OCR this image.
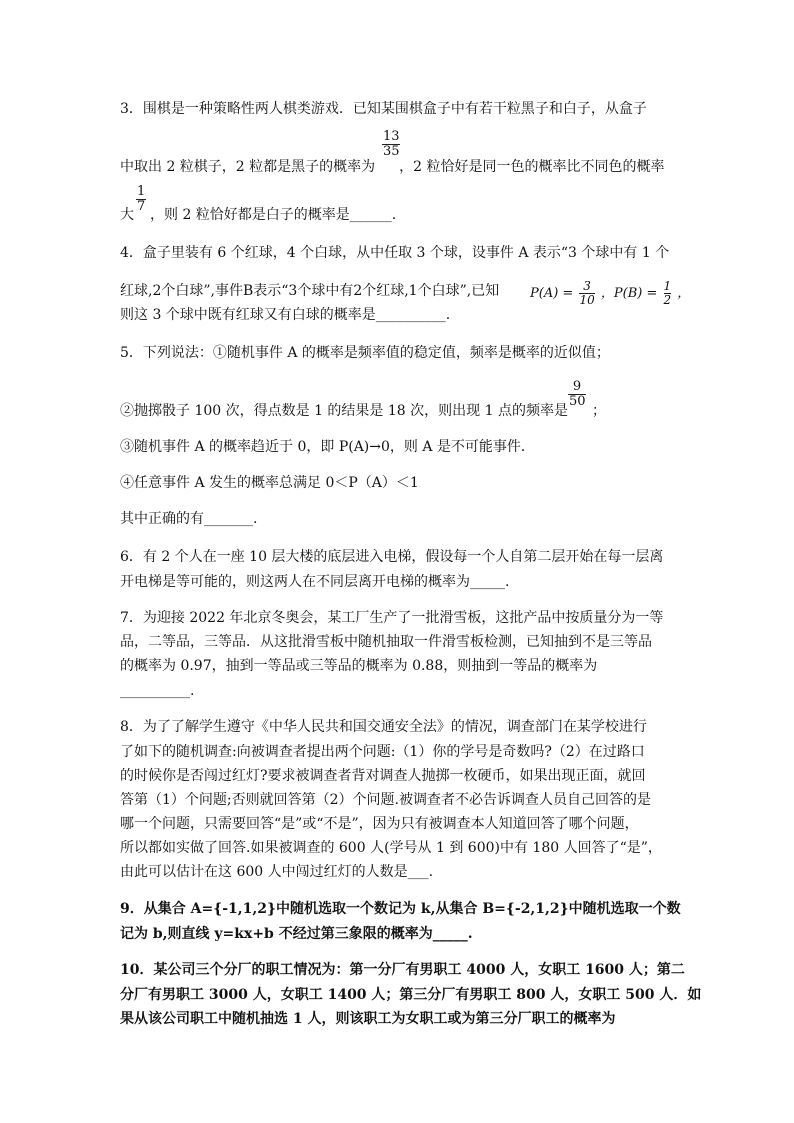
3．围棋是一种策略性两人棋类游戏．已知某围棋盒子中有若干粒黑子和白子，从盒子
13
35
中取出 2 粒棋子，2 粒都是黑子的概率为 ，2 粒恰好是同一色的概率比不同色的概率
1
7
大 ，则 2 粒恰好都是白子的概率是______.
4．盒子里装有 6 个红球，4 个白球，从中任取 3 个球，设事件 A 表示“3 个球中有 1 个
红球,2个白球”,事件B表示“3个球中有2个红球,1个白球”,已知 $P(A) = \frac{3}{10}$ ，$P(B) = \frac{1}{2}$ ，
则这 3 个球中既有红球又有白球的概率是__________.
5．下列说法：①随机事件 A 的概率是频率值的稳定值，频率是概率的近似值；
9
50
②抛掷骰子 100 次，得点数是 1 的结果是 18 次，则出现 1 点的频率是 ；
③随机事件 A 的概率趋近于 0，即 P(A)→0，则 A 是不可能事件．
④任意事件 A 发生的概率总满足 0＜P（A）＜1
其中正确的有_______.
6．有 2 个人在一座 10 层大楼的底层进入电梯，假设每一个人自第二层开始在每一层离
开电梯是等可能的，则这两人在不同层离开电梯的概率为_____.
7．为迎接 2022 年北京冬奥会，某工厂生产了一批滑雪板，这批产品中按质量分为一等
品，二等品，三等品．从这批滑雪板中随机抽取一件滑雪板检测，已知抽到不是三等品
的概率为 0.97，抽到一等品或三等品的概率为 0.88，则抽到一等品的概率为
__________.
8．为了了解学生遵守《中华人民共和国交通安全法》的情况，调查部门在某学校进行
了如下的随机调查:向被调查者提出两个问题:（1）你的学号是奇数吗?（2）在过路口
的时候你是否闯过红灯?要求被调查者背对调查人抛掷一枚硬币，如果出现正面，就回
答第（1）个问题;否则就回答第（2）个问题.被调查者不必告诉调查人员自己回答的是
哪一个问题，只需要回答“是”或“不是”，因为只有被调查本人知道回答了哪个问题，
所以都如实做了回答.如果被调查的 600 人(学号从 1 到 600)中有 180 人回答了“是”，
由此可以估计在这 600 人中闯过红灯的人数是___.
9．从集合 A={-1,1,2}中随机选取一个数记为 k,从集合 B={-2,1,2}中随机选取一个数
记为 b,则直线 y=kx+b 不经过第三象限的概率为_____.
10．某公司三个分厂的职工情况为：第一分厂有男职工 4000 人，女职工 1600 人；第二
分厂有男职工 3000 人，女职工 1400 人；第三分厂有男职工 800 人，女职工 500 人．如
果从该公司职工中随机抽选 1 人，则该职工为女职工或为第三分厂职工的概率为
